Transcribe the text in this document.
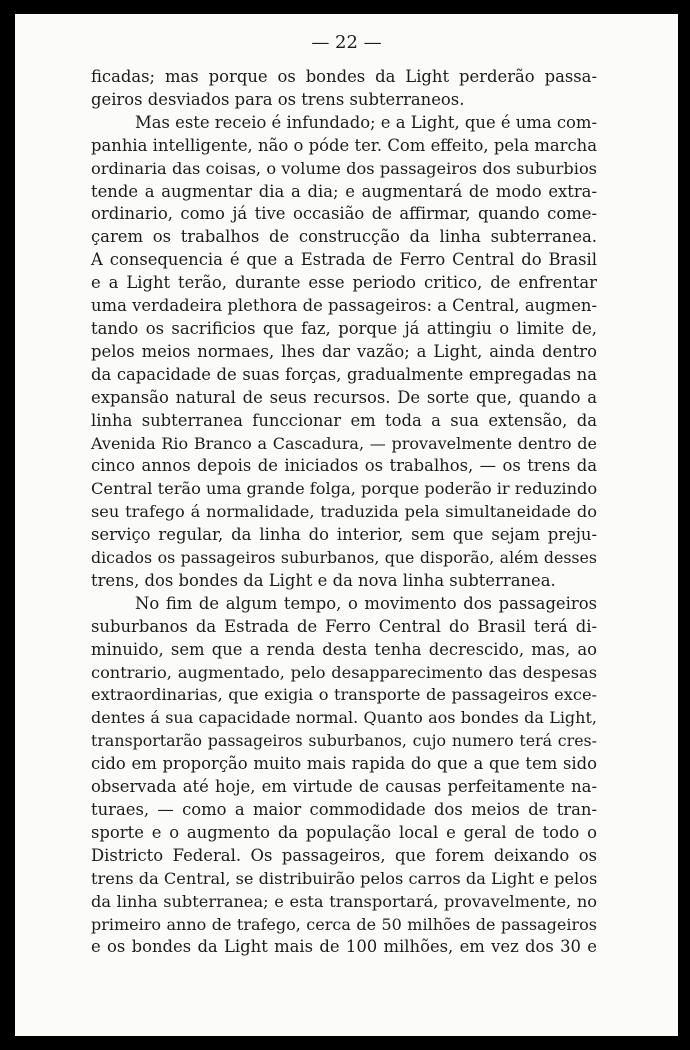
— 22 —
ficadas; mas porque os bondes da Light perderão passa-
geiros desviados para os trens subterraneos.
Mas este receio é infundado; e a Light, que é uma com-
panhia intelligente, não o póde ter. Com effeito, pela marcha
ordinaria das coisas, o volume dos passageiros dos suburbios
tende a augmentar dia a dia; e augmentará de modo extra-
ordinario, como já tive occasião de affirmar, quando come-
çarem os trabalhos de construcção da linha subterranea.
A consequencia é que a Estrada de Ferro Central do Brasil
e a Light terão, durante esse periodo critico, de enfrentar
uma verdadeira plethora de passageiros: a Central, augmen-
tando os sacrificios que faz, porque já attingiu o limite de,
pelos meios normaes, lhes dar vazão; a Light, ainda dentro
da capacidade de suas forças, gradualmente empregadas na
expansão natural de seus recursos. De sorte que, quando a
linha subterranea funccionar em toda a sua extensão, da
Avenida Rio Branco a Cascadura, — provavelmente dentro de
cinco annos depois de iniciados os trabalhos, — os trens da
Central terão uma grande folga, porque poderão ir reduzindo
seu trafego á normalidade, traduzida pela simultaneidade do
serviço regular, da linha do interior, sem que sejam preju-
dicados os passageiros suburbanos, que disporão, além desses
trens, dos bondes da Light e da nova linha subterranea.
No fim de algum tempo, o movimento dos passageiros
suburbanos da Estrada de Ferro Central do Brasil terá di-
minuido, sem que a renda desta tenha decrescido, mas, ao
contrario, augmentado, pelo desapparecimento das despesas
extraordinarias, que exigia o transporte de passageiros exce-
dentes á sua capacidade normal. Quanto aos bondes da Light,
transportarão passageiros suburbanos, cujo numero terá cres-
cido em proporção muito mais rapida do que a que tem sido
observada até hoje, em virtude de causas perfeitamente na-
turaes, — como a maior commodidade dos meios de tran-
sporte e o augmento da população local e geral de todo o
Districto Federal. Os passageiros, que forem deixando os
trens da Central, se distribuirão pelos carros da Light e pelos
da linha subterranea; e esta transportará, provavelmente, no
primeiro anno de trafego, cerca de 50 milhões de passageiros
e os bondes da Light mais de 100 milhões, em vez dos 30 e
